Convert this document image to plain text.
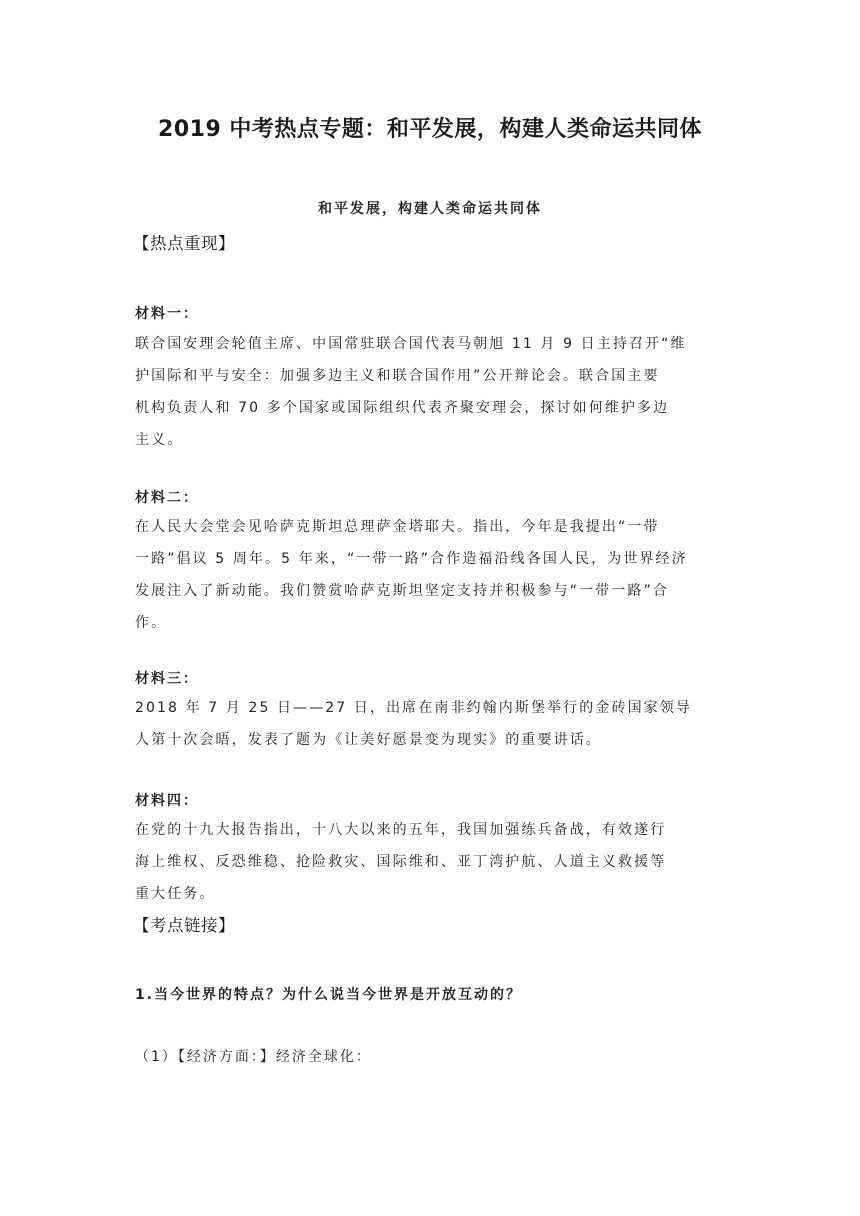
2019 中考热点专题：和平发展，构建人类命运共同体
和平发展，构建人类命运共同体
【热点重现】
材料一：
联合国安理会轮值主席、中国常驻联合国代表马朝旭 11 月 9 日主持召开“维
护国际和平与安全：加强多边主义和联合国作用”公开辩论会。联合国主要
机构负责人和 70 多个国家或国际组织代表齐聚安理会，探讨如何维护多边
主义。
材料二：
在人民大会堂会见哈萨克斯坦总理萨金塔耶夫。指出，今年是我提出“一带
一路”倡议 5 周年。5 年来，“一带一路”合作造福沿线各国人民，为世界经济
发展注入了新动能。我们赞赏哈萨克斯坦坚定支持并积极参与“一带一路”合
作。
材料三：
2018 年 7 月 25 日——27 日，出席在南非约翰内斯堡举行的金砖国家领导
人第十次会晤，发表了题为《让美好愿景变为现实》的重要讲话。
材料四：
在党的十九大报告指出，十八大以来的五年，我国加强练兵备战，有效遂行
海上维权、反恐维稳、抢险救灾、国际维和、亚丁湾护航、人道主义救援等
重大任务。
【考点链接】
1.当今世界的特点？为什么说当今世界是开放互动的？
（1）【经济方面：】经济全球化：
